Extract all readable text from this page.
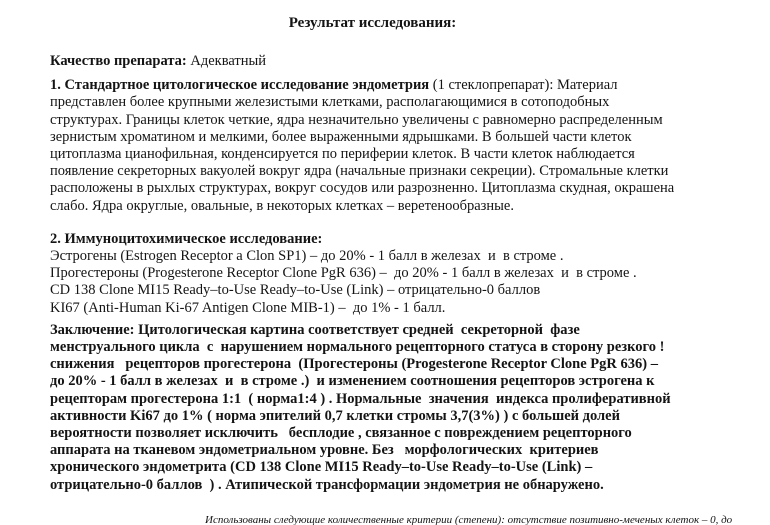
Результат исследования:
Качество препарата: Адекватный
1. Стандартное цитологическое исследование эндометрия (1 стеклопрепарат): Материал
представлен более крупными железистыми клетками, располагающимися в сотоподобных
структурах. Границы клеток четкие, ядра незначительно увеличены с равномерно распределенным
зернистым хроматином и мелкими, более выраженными ядрышками. В большей части клеток
цитоплазма цианофильная, конденсируется по периферии клеток. В части клеток наблюдается
появление секреторных вакуолей вокруг ядра (начальные признаки секреции). Стромальные клетки
расположены в рыхлых структурах, вокруг сосудов или разрозненно. Цитоплазма скудная, окрашена
слабо. Ядра округлые, овальные, в некоторых клетках – веретенообразные.
2. Иммуноцитохимическое исследование:
Эстрогены (Estrogen Receptor a Clon SP1) – до 20% - 1 балл в железах  и  в строме .
Прогестероны (Progesterone Receptor Clone PgR 636) –  до 20% - 1 балл в железах  и  в строме .
CD 138 Clone MI15 Ready–to-Use Ready–to-Use (Link) – отрицательно-0 баллов
KI67 (Anti-Human Ki-67 Antigen Clone MIB-1) –  до 1% - 1 балл.
Заключение: Цитологическая картина соответствует средней  секреторной  фазе
менструального цикла  с  нарушением нормального рецепторного статуса в сторону резкого !
снижения   рецепторов прогестерона  (Прогестероны (Progesterone Receptor Clone PgR 636) –
до 20% - 1 балл в железах  и  в строме .)  и изменением соотношения рецепторов эстрогена к
рецепторам прогестерона 1:1  ( норма1:4 ) . Нормальные  значения  индекса пролиферативной
активности Ki67 до 1% ( норма эпителий 0,7 клетки стромы 3,7(3%) ) с большей долей
вероятности позволяет исключить   бесплодие , связанное с повреждением рецепторного
аппарата на тканевом эндометриальном уровне. Без   морфологических  критериев
хронического эндометрита (CD 138 Clone MI15 Ready–to-Use Ready–to-Use (Link) –
отрицательно-0 баллов  ) . Атипической трансформации эндометрия не обнаружено.
Использованы следующие количественные критерии (степени): отсутствие позитивно-меченых клеток – 0, до
